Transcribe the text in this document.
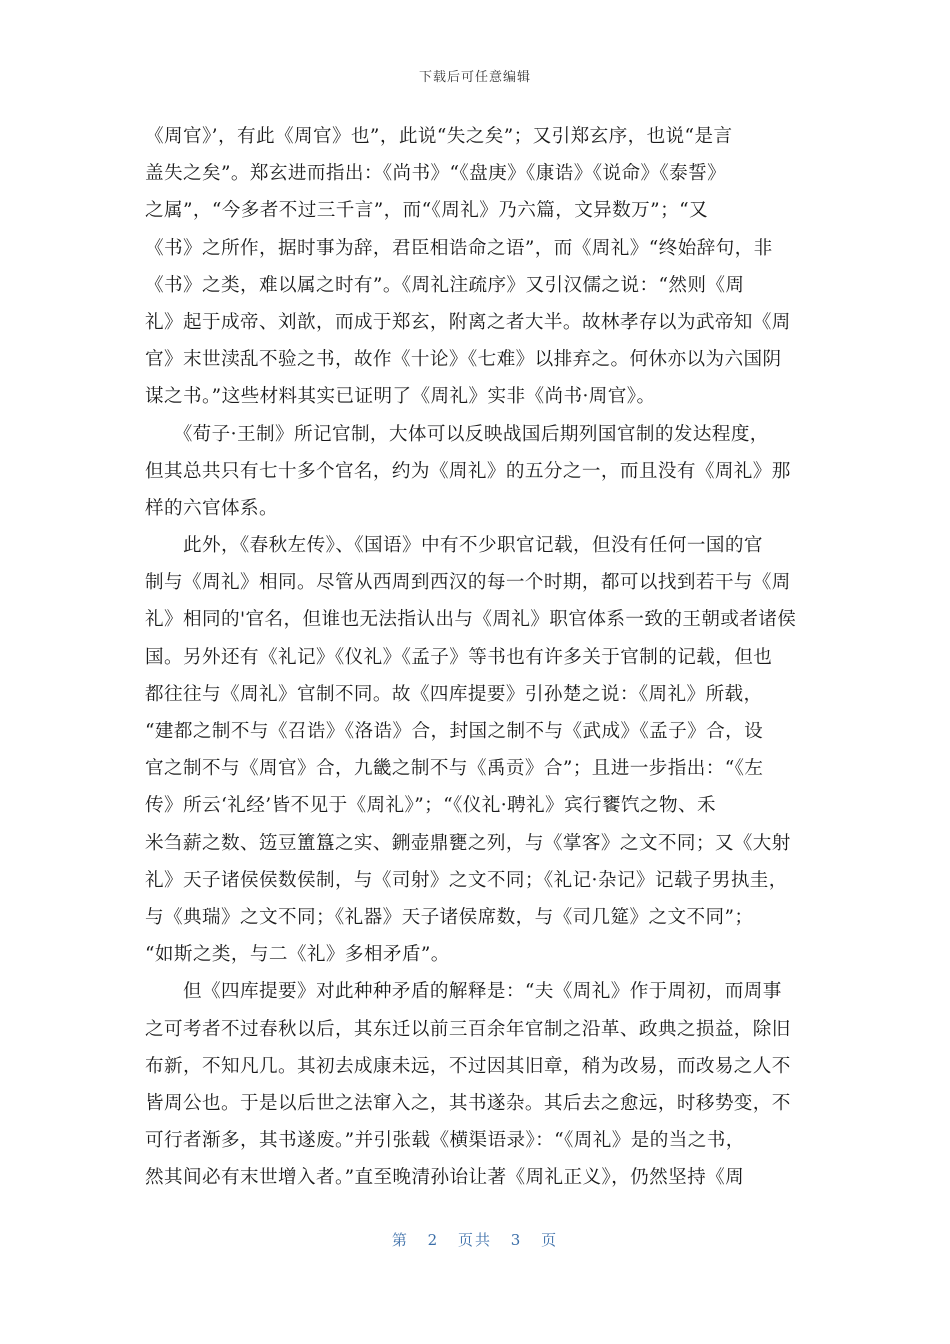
下载后可任意编辑
《周官》’，有此《周官》也”，此说“失之矣”；又引郑玄序，也说“是言
盖失之矣”。郑玄进而指出：《尚书》“《盘庚》《康诰》《说命》《泰誓》
之属”，“今多者不过三千言”，而“《周礼》乃六篇，文异数万”；“又
《书》之所作，据时事为辞，君臣相诰命之语”，而《周礼》“终始辞句，非
《书》之类，难以属之时有”。《周礼注疏序》又引汉儒之说：“然则《周
礼》起于成帝、刘歆，而成于郑玄，附离之者大半。故林孝存以为武帝知《周
官》末世渎乱不验之书，故作《十论》《七难》以排弃之。何休亦以为六国阴
谋之书。”这些材料其实已证明了《周礼》实非《尚书·周官》。
　　《荀子·王制》所记官制，大体可以反映战国后期列国官制的发达程度，
但其总共只有七十多个官名，约为《周礼》的五分之一，而且没有《周礼》那
样的六官体系。
　　此外，《春秋左传》、《国语》中有不少职官记载，但没有任何一国的官
制与《周礼》相同。尽管从西周到西汉的每一个时期，都可以找到若干与《周
礼》相同的'官名，但谁也无法指认出与《周礼》职官体系一致的王朝或者诸侯
国。另外还有《礼记》《仪礼》《孟子》等书也有许多关于官制的记载，但也
都往往与《周礼》官制不同。故《四库提要》引孙楚之说：《周礼》所载，
“建都之制不与《召诰》《洛诰》合，封国之制不与《武成》《孟子》合，设
官之制不与《周官》合，九畿之制不与《禹贡》合”；且进一步指出：“《左
传》所云‘礼经’皆不见于《周礼》”；“《仪礼·聘礼》宾行饔饩之物、禾
米刍薪之数、笾豆簠簋之实、鉶壶鼎甕之列，与《掌客》之文不同；又《大射
礼》天子诸侯侯数侯制，与《司射》之文不同；《礼记·杂记》记载子男执圭，
与《典瑞》之文不同；《礼器》天子诸侯席数，与《司几筵》之文不同”；
“如斯之类，与二《礼》多相矛盾”。
　　但《四库提要》对此种种矛盾的解释是：“夫《周礼》作于周初，而周事
之可考者不过春秋以后，其东迁以前三百余年官制之沿革、政典之损益，除旧
布新，不知凡几。其初去成康未远，不过因其旧章，稍为改易，而改易之人不
皆周公也。于是以后世之法窜入之，其书遂杂。其后去之愈远，时移势变，不
可行者渐多，其书遂废。”并引张载《横渠语录》：“《周礼》是的当之书，
然其间必有末世增入者。”直至晚清孙诒让著《周礼正义》，仍然坚持《周
第 2 页共 3 页
